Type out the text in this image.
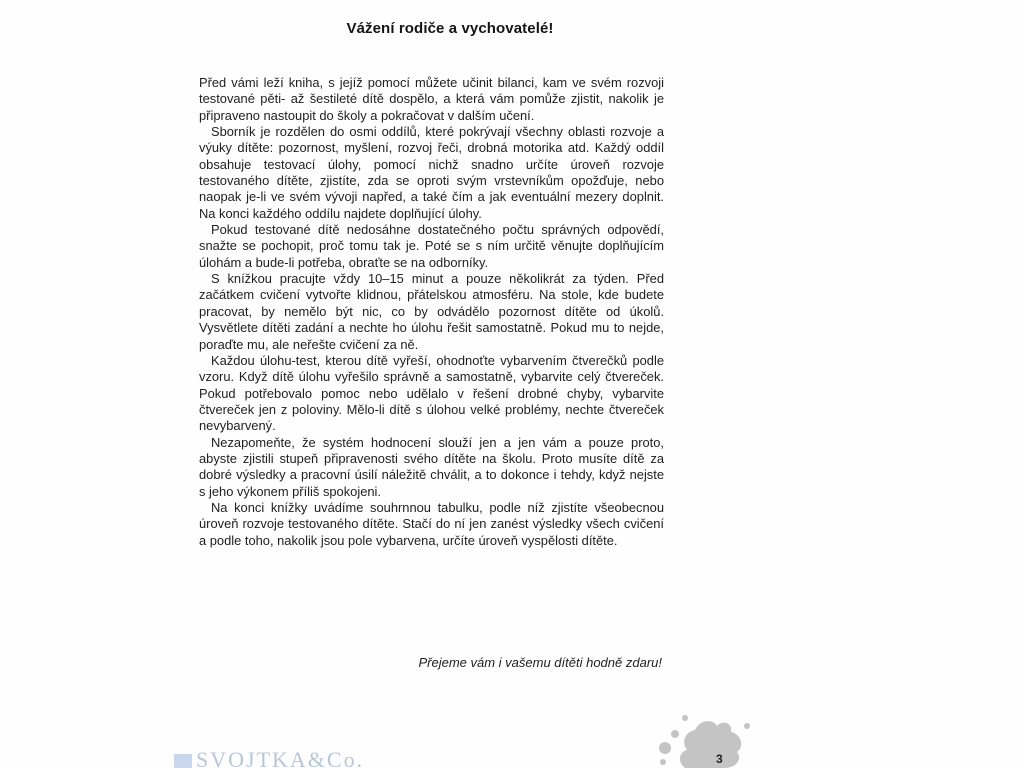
Vážení rodiče a vychovatelé!

Před vámi leží kniha, s jejíž pomocí můžete učinit bilanci, kam ve svém rozvoji testované pěti- až šestileté dítě dospělo, a která vám pomůže zjistit, nakolik je připraveno nastoupit do školy a pokračovat v dalším učení.

Sborník je rozdělen do osmi oddílů, které pokrývají všechny oblasti rozvoje a výuky dítěte: pozornost, myšlení, rozvoj řeči, drobná motorika atd. Každý oddíl obsahuje testovací úlohy, pomocí nichž snadno určíte úroveň rozvoje testovaného dítěte, zjistíte, zda se oproti svým vrstevníkům opožďuje, nebo naopak je-li ve svém vývoji napřed, a také čím a jak eventuální mezery doplnit. Na konci každého oddílu najdete doplňující úlohy.

Pokud testované dítě nedosáhne dostatečného počtu správných odpovědí, snažte se pochopit, proč tomu tak je. Poté se s ním určitě věnujte doplňujícím úlohám a bude-li potřeba, obraťte se na odborníky.

S knížkou pracujte vždy 10–15 minut a pouze několikrát za týden. Před začátkem cvičení vytvořte klidnou, přátelskou atmosféru. Na stole, kde budete pracovat, by nemělo být nic, co by odvádělo pozornost dítěte od úkolů. Vysvětlete dítěti zadání a nechte ho úlohu řešit samostatně. Pokud mu to nejde, poraďte mu, ale neřešte cvičení za ně.

Každou úlohu-test, kterou dítě vyřeší, ohodnoťte vybarvením čtverečků podle vzoru. Když dítě úlohu vyřešilo správně a samostatně, vybarvite celý čtvereček. Pokud potřebovalo pomoc nebo udělalo v řešení drobné chyby, vybarvite čtvereček jen z poloviny. Mělo-li dítě s úlohou velké problémy, nechte čtvereček nevybarvený.

Nezapomeňte, že systém hodnocení slouží jen a jen vám a pouze proto, abyste zjistili stupeň připravenosti svého dítěte na školu. Proto musíte dítě za dobré výsledky a pracovní úsilí náležitě chválit, a to dokonce i tehdy, když nejste s jeho výkonem příliš spokojeni.

Na konci knížky uvádíme souhrnnou tabulku, podle níž zjistíte všeobecnou úroveň rozvoje testovaného dítěte. Stačí do ní jen zanést výsledky všech cvičení a podle toho, nakolik jsou pole vybarvena, určíte úroveň vyspělosti dítěte.

Přejeme vám i vašemu dítěti hodně zdaru!

SVOJTKA&Co.	3
